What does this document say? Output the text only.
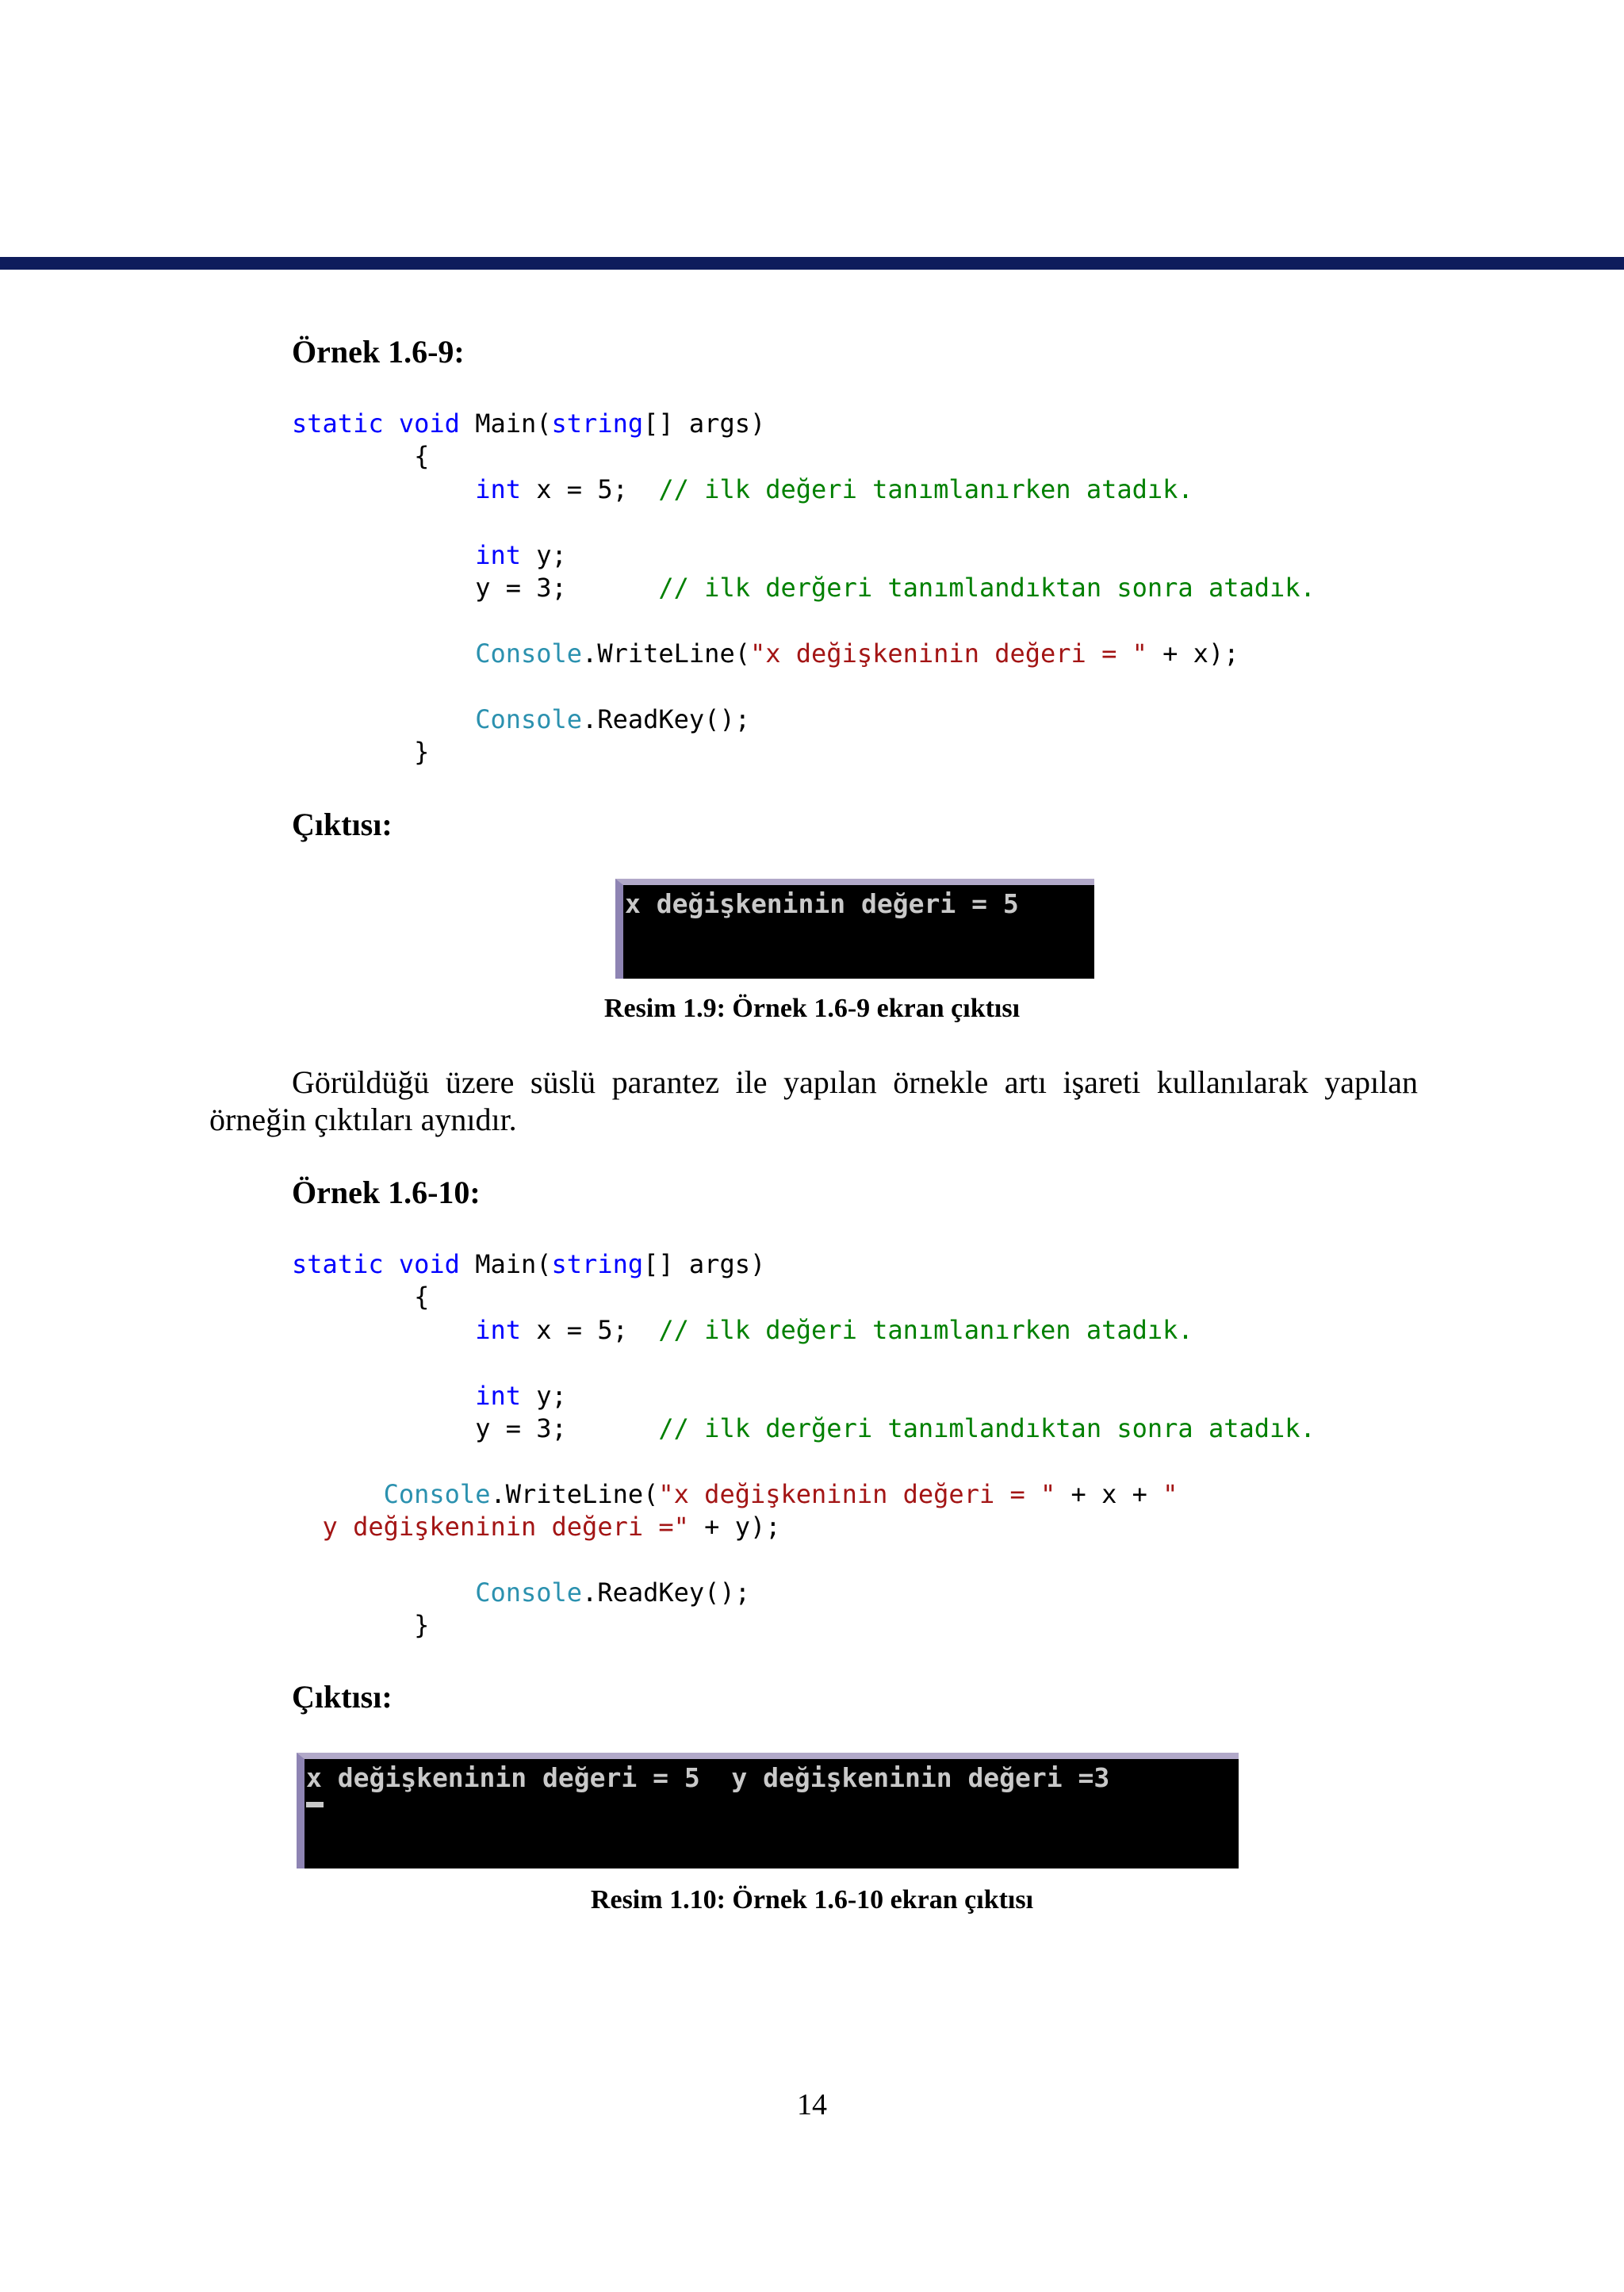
Örnek 1.6-9:
static void Main(string[] args)
{
int x = 5;  // ilk değeri tanımlanırken atadık.
int y;
y = 3;      // ilk derğeri tanımlandıktan sonra atadık.
Console.WriteLine("x değişkeninin değeri = " + x);
Console.ReadKey();
}
Çıktısı:
x değişkeninin değeri = 5
Resim 1.9: Örnek 1.6-9 ekran çıktısı

Görüldüğü üzere süslü parantez ile yapılan örnekle artı işareti kullanılarak yapılan örneğin çıktıları aynıdır.

Örnek 1.6-10:
static void Main(string[] args)
{
int x = 5;  // ilk değeri tanımlanırken atadık.
int y;
y = 3;      // ilk derğeri tanımlandıktan sonra atadık.
Console.WriteLine("x değişkeninin değeri = " + x + "
y değişkeninin değeri =" + y);
Console.ReadKey();
}
Çıktısı:
x değişkeninin değeri = 5  y değişkeninin değeri =3
Resim 1.10: Örnek 1.6-10 ekran çıktısı
14
